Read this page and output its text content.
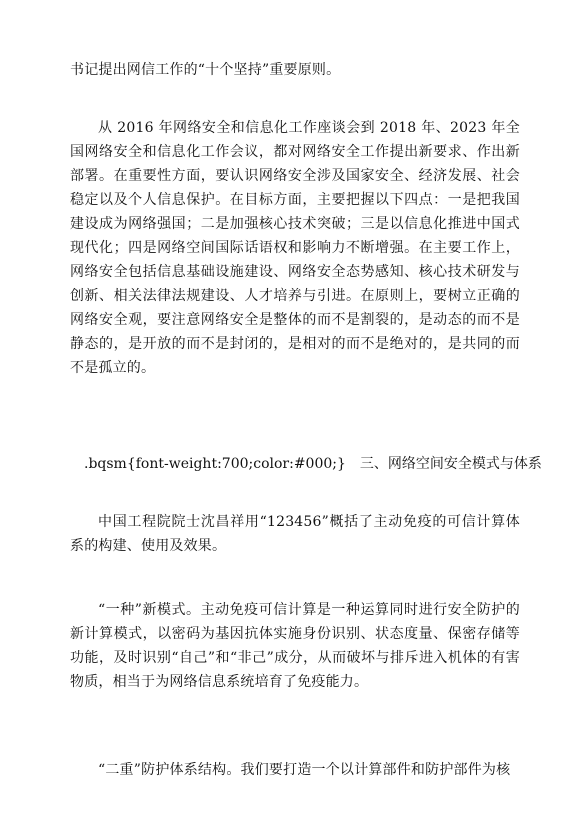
书记提出网信工作的“十个坚持”重要原则。

从 2016 年网络安全和信息化工作座谈会到 2018 年、2023 年全国网络安全和信息化工作会议，都对网络安全工作提出新要求、作出新部署。在重要性方面，要认识网络安全涉及国家安全、经济发展、社会稳定以及个人信息保护。在目标方面，主要把握以下四点：一是把我国建设成为网络强国；二是加强核心技术突破；三是以信息化推进中国式现代化；四是网络空间国际话语权和影响力不断增强。在主要工作上，网络安全包括信息基础设施建设、网络安全态势感知、核心技术研发与创新、相关法律法规建设、人才培养与引进。在原则上，要树立正确的网络安全观，要注意网络安全是整体的而不是割裂的，是动态的而不是静态的，是开放的而不是封闭的，是相对的而不是绝对的，是共同的而不是孤立的。

.bqsm{font-weight:700;color:#000;}　三、网络空间安全模式与体系

中国工程院院士沈昌祥用“123456”概括了主动免疫的可信计算体系的构建、使用及效果。

“一种”新模式。主动免疫可信计算是一种运算同时进行安全防护的新计算模式，以密码为基因抗体实施身份识别、状态度量、保密存储等功能，及时识别“自己”和“非己”成分，从而破坏与排斥进入机体的有害物质，相当于为网络信息系统培育了免疫能力。

“二重”防护体系结构。我们要打造一个以计算部件和防护部件为核
